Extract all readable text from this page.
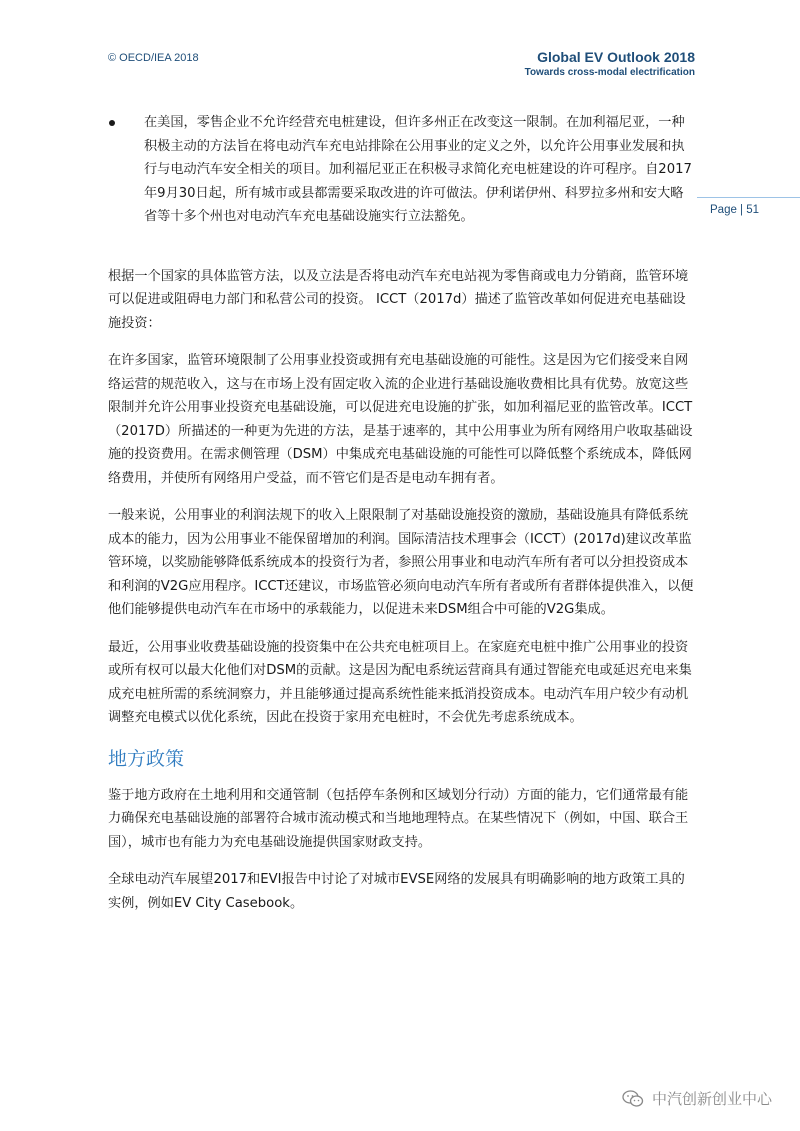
© OECD/IEA 2018	Global EV Outlook 2018
Towards cross-modal electrification
Page | 51
在美国，零售企业不允许经营充电桩建设，但许多州正在改变这一限制。在加利福尼亚，一种积极主动的方法旨在将电动汽车充电站排除在公用事业的定义之外，以允许公用事业发展和执行与电动汽车安全相关的项目。加利福尼亚正在积极寻求简化充电桩建设的许可程序。自2017年9月30日起，所有城市或县都需要采取改进的许可做法。伊利诺伊州、科罗拉多州和安大略省等十多个州也对电动汽车充电基础设施实行立法豁免。

根据一个国家的具体监管方法，以及立法是否将电动汽车充电站视为零售商或电力分销商，监管环境可以促进或阻碍电力部门和私营公司的投资。 ICCT（2017d）描述了监管改革如何促进充电基础设施投资：

在许多国家，监管环境限制了公用事业投资或拥有充电基础设施的可能性。这是因为它们接受来自网络运营的规范收入，这与在市场上没有固定收入流的企业进行基础设施收费相比具有优势。放宽这些限制并允许公用事业投资充电基础设施，可以促进充电设施的扩张，如加利福尼亚的监管改革。ICCT（2017D）所描述的一种更为先进的方法，是基于速率的，其中公用事业为所有网络用户收取基础设施的投资费用。在需求侧管理（DSM）中集成充电基础设施的可能性可以降低整个系统成本，降低网络费用，并使所有网络用户受益，而不管它们是否是电动车拥有者。

一般来说，公用事业的利润法规下的收入上限限制了对基础设施投资的激励，基础设施具有降低系统成本的能力，因为公用事业不能保留增加的利润。国际清洁技术理事会（ICCT）(2017d)建议改革监管环境，以奖励能够降低系统成本的投资行为者，参照公用事业和电动汽车所有者可以分担投资成本和利润的V2G应用程序。ICCT还建议，市场监管必须向电动汽车所有者或所有者群体提供准入，以便他们能够提供电动汽车在市场中的承载能力，以促进未来DSM组合中可能的V2G集成。

最近，公用事业收费基础设施的投资集中在公共充电桩项目上。在家庭充电桩中推广公用事业的投资或所有权可以最大化他们对DSM的贡献。这是因为配电系统运营商具有通过智能充电或延迟充电来集成充电桩所需的系统洞察力，并且能够通过提高系统性能来抵消投资成本。电动汽车用户较少有动机调整充电模式以优化系统，因此在投资于家用充电桩时，不会优先考虑系统成本。

地方政策

鉴于地方政府在土地利用和交通管制（包括停车条例和区域划分行动）方面的能力，它们通常最有能力确保充电基础设施的部署符合城市流动模式和当地地理特点。在某些情况下（例如，中国、联合王国），城市也有能力为充电基础设施提供国家财政支持。

全球电动汽车展望2017和EVI报告中讨论了对城市EVSE网络的发展具有明确影响的地方政策工具的实例，例如EV City Casebook。

中汽创新创业中心
